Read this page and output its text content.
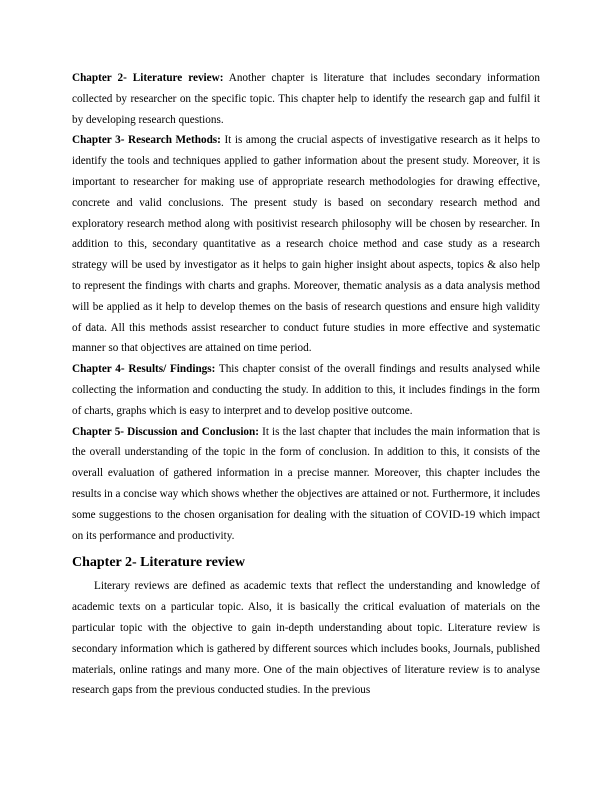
Chapter 2- Literature review: Another chapter is literature that includes secondary information collected by researcher on the specific topic. This chapter help to identify the research gap and fulfil it by developing research questions.

Chapter 3- Research Methods: It is among the crucial aspects of investigative research as it helps to identify the tools and techniques applied to gather information about the present study. Moreover, it is important to researcher for making use of appropriate research methodologies for drawing effective, concrete and valid conclusions. The present study is based on secondary research method and exploratory research method along with positivist research philosophy will be chosen by researcher. In addition to this, secondary quantitative as a research choice method and case study as a research strategy will be used by investigator as it helps to gain higher insight about aspects, topics & also help to represent the findings with charts and graphs. Moreover, thematic analysis as a data analysis method will be applied as it help to develop themes on the basis of research questions and ensure high validity of data. All this methods assist researcher to conduct future studies in more effective and systematic manner so that objectives are attained on time period.

Chapter 4- Results/ Findings: This chapter consist of the overall findings and results analysed while collecting the information and conducting the study. In addition to this, it includes findings in the form of charts, graphs which is easy to interpret and to develop positive outcome.

Chapter 5- Discussion and Conclusion: It is the last chapter that includes the main information that is the overall understanding of the topic in the form of conclusion. In addition to this, it consists of the overall evaluation of gathered information in a precise manner. Moreover, this chapter includes the results in a concise way which shows whether the objectives are attained or not. Furthermore, it includes some suggestions to the chosen organisation for dealing with the situation of COVID-19 which impact on its performance and productivity.

Chapter 2- Literature review

Literary reviews are defined as academic texts that reflect the understanding and knowledge of academic texts on a particular topic. Also, it is basically the critical evaluation of materials on the particular topic with the objective to gain in-depth understanding about topic. Literature review is secondary information which is gathered by different sources which includes books, Journals, published materials, online ratings and many more. One of the main objectives of literature review is to analyse research gaps from the previous conducted studies. In the previous
